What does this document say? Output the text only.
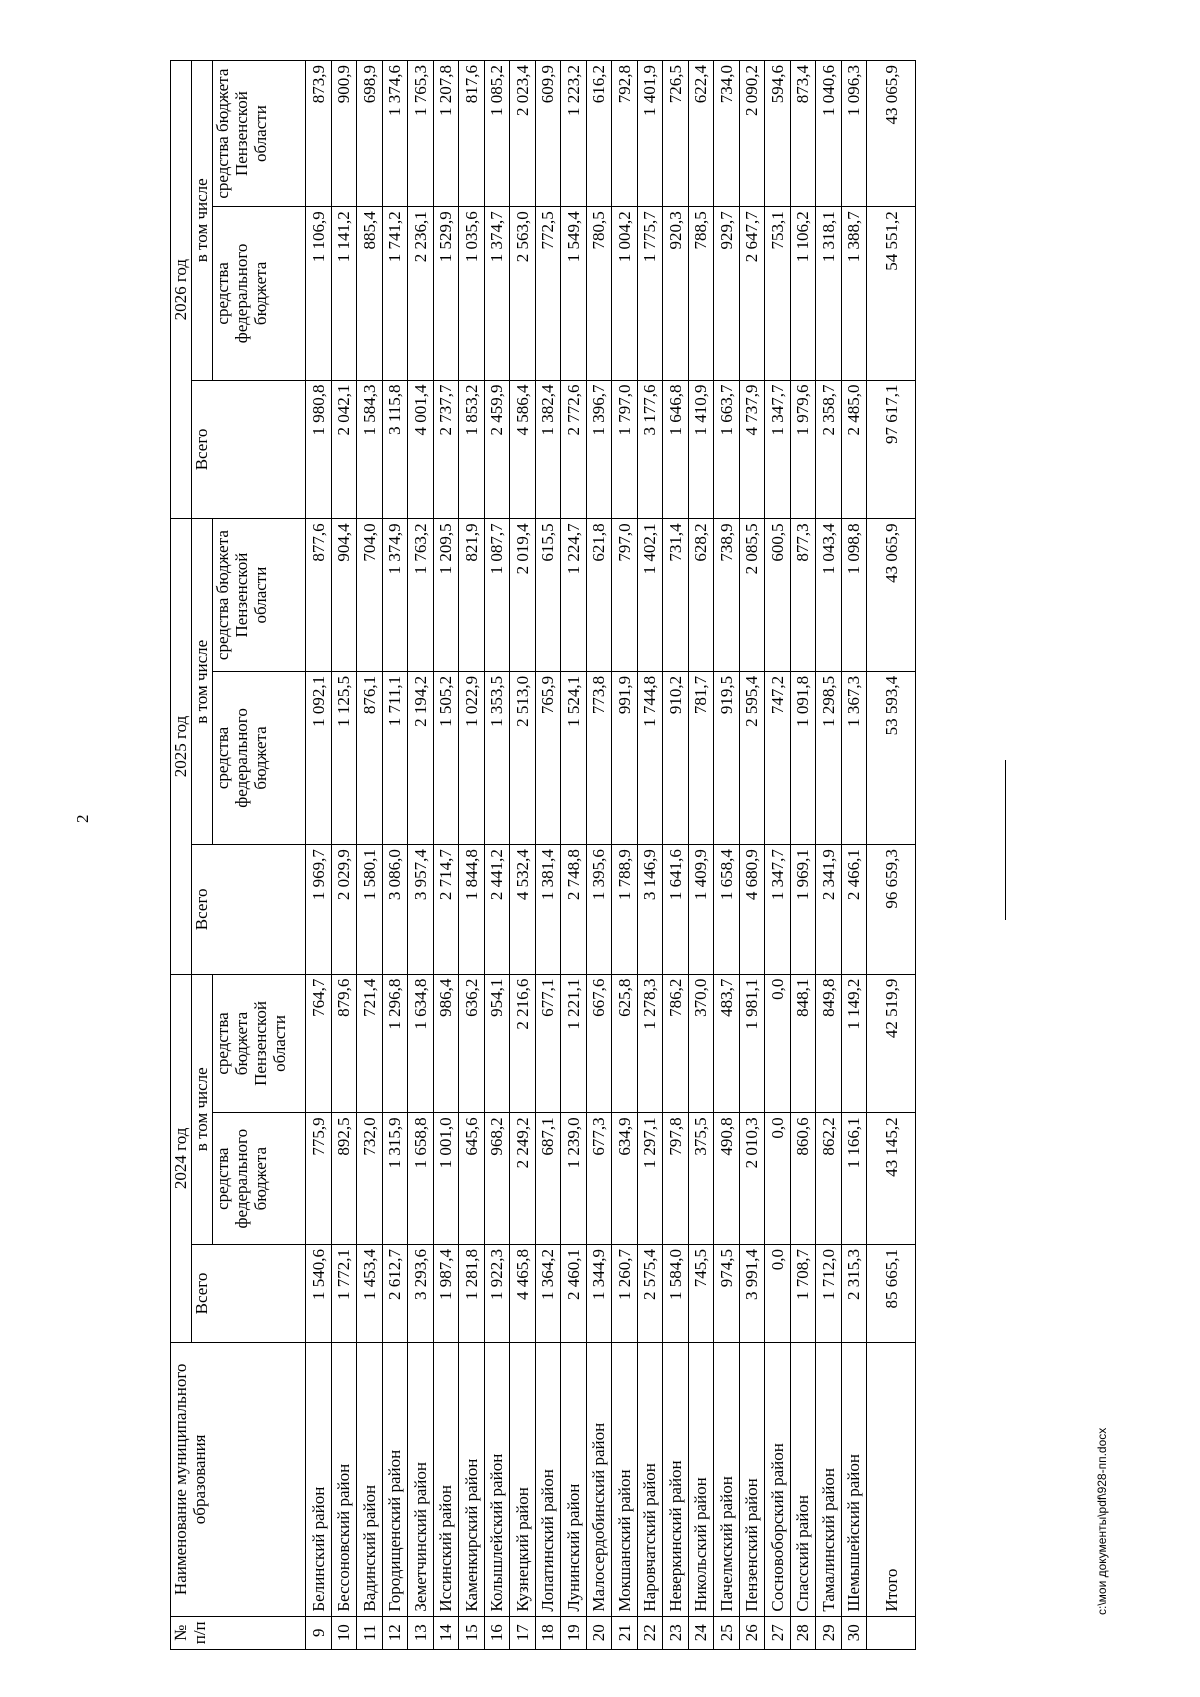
2
№ п/п	Наименование муниципального образования	2024 год			2025 год			2026 год		
		Всего	в том числе		Всего	в том числе		Всего	в том числе	
			средства федерального бюджета	средства бюджета Пензенской области		средства федерального бюджета	средства бюджета Пензенской области		средства федерального бюджета	средства бюджета Пензенской области
9	Белинский район	1 540,6	775,9	764,7	1 969,7	1 092,1	877,6	1 980,8	1 106,9	873,9
10	Бессоновский район	1 772,1	892,5	879,6	2 029,9	1 125,5	904,4	2 042,1	1 141,2	900,9
11	Вадинский район	1 453,4	732,0	721,4	1 580,1	876,1	704,0	1 584,3	885,4	698,9
12	Городищенский район	2 612,7	1 315,9	1 296,8	3 086,0	1 711,1	1 374,9	3 115,8	1 741,2	1 374,6
13	Земетчинский район	3 293,6	1 658,8	1 634,8	3 957,4	2 194,2	1 763,2	4 001,4	2 236,1	1 765,3
14	Иссинский район	1 987,4	1 001,0	986,4	2 714,7	1 505,2	1 209,5	2 737,7	1 529,9	1 207,8
15	Каменкирский район	1 281,8	645,6	636,2	1 844,8	1 022,9	821,9	1 853,2	1 035,6	817,6
16	Колышлейский район	1 922,3	968,2	954,1	2 441,2	1 353,5	1 087,7	2 459,9	1 374,7	1 085,2
17	Кузнецкий район	4 465,8	2 249,2	2 216,6	4 532,4	2 513,0	2 019,4	4 586,4	2 563,0	2 023,4
18	Лопатинский район	1 364,2	687,1	677,1	1 381,4	765,9	615,5	1 382,4	772,5	609,9
19	Лунинский район	2 460,1	1 239,0	1 221,1	2 748,8	1 524,1	1 224,7	2 772,6	1 549,4	1 223,2
20	Малосердобинский район	1 344,9	677,3	667,6	1 395,6	773,8	621,8	1 396,7	780,5	616,2
21	Мокшанский район	1 260,7	634,9	625,8	1 788,9	991,9	797,0	1 797,0	1 004,2	792,8
22	Наровчатский район	2 575,4	1 297,1	1 278,3	3 146,9	1 744,8	1 402,1	3 177,6	1 775,7	1 401,9
23	Неверкинский район	1 584,0	797,8	786,2	1 641,6	910,2	731,4	1 646,8	920,3	726,5
24	Никольский район	745,5	375,5	370,0	1 409,9	781,7	628,2	1 410,9	788,5	622,4
25	Пачелмский район	974,5	490,8	483,7	1 658,4	919,5	738,9	1 663,7	929,7	734,0
26	Пензенский район	3 991,4	2 010,3	1 981,1	4 680,9	2 595,4	2 085,5	4 737,9	2 647,7	2 090,2
27	Сосновоборский район	0,0	0,0	0,0	1 347,7	747,2	600,5	1 347,7	753,1	594,6
28	Спасский район	1 708,7	860,6	848,1	1 969,1	1 091,8	877,3	1 979,6	1 106,2	873,4
29	Тамалинский район	1 712,0	862,2	849,8	2 341,9	1 298,5	1 043,4	2 358,7	1 318,1	1 040,6
30	Шемышейский район	2 315,3	1 166,1	1 149,2	2 466,1	1 367,3	1 098,8	2 485,0	1 388,7	1 096,3
	Итого	85 665,1	43 145,2	42 519,9	96 659,3	53 593,4	43 065,9	97 617,1	54 551,2	43 065,9
c:\мои документы\pdf\928-пп.docx
